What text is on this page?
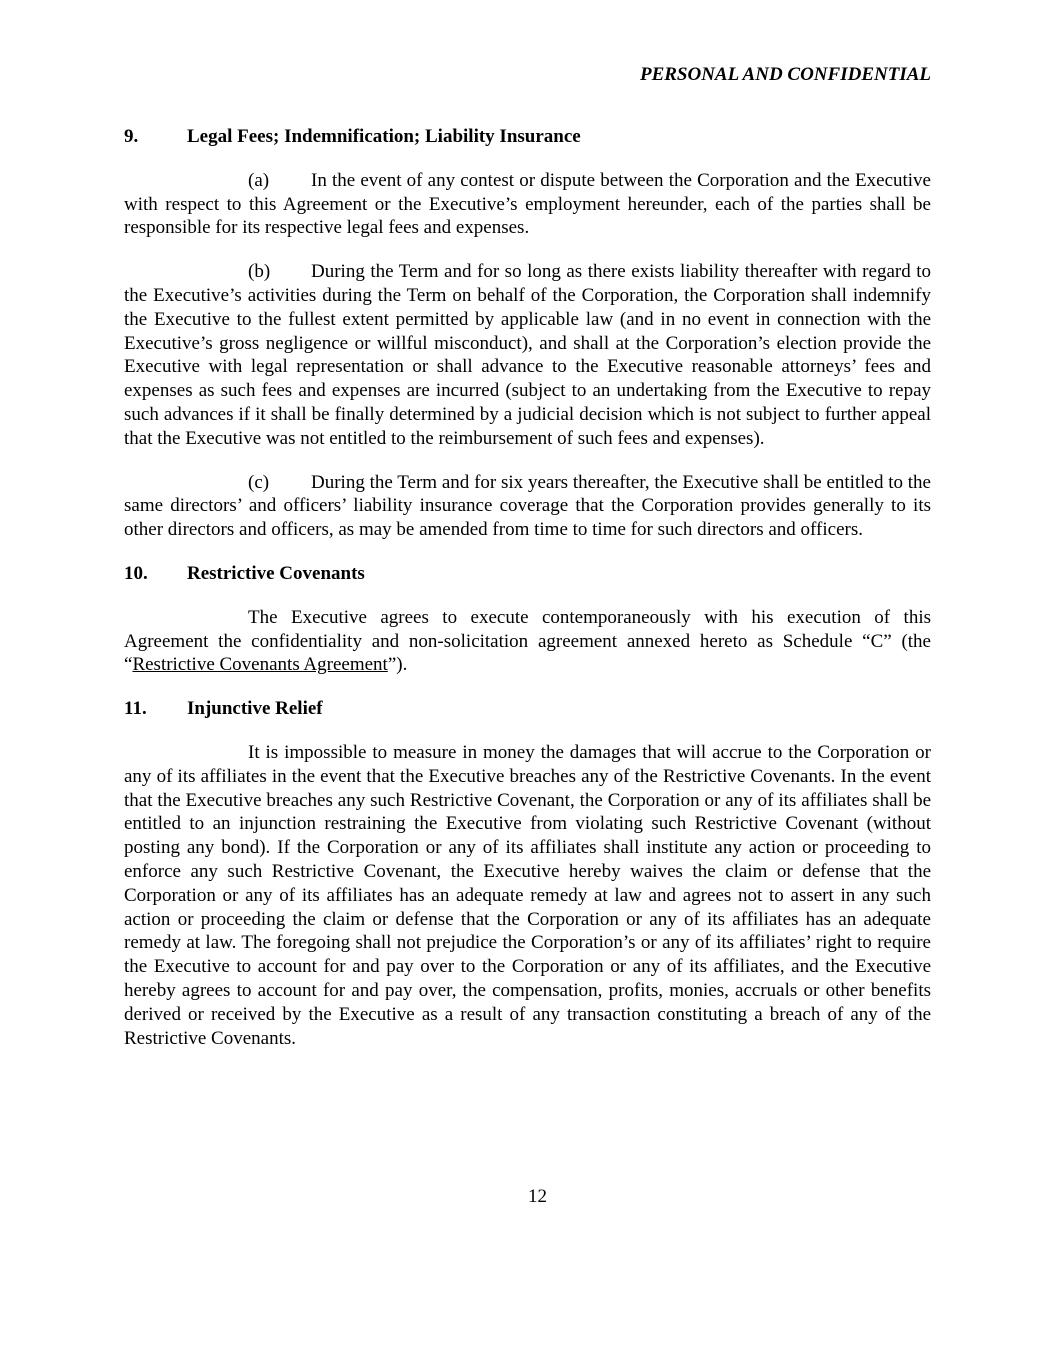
PERSONAL AND CONFIDENTIAL
9.	Legal Fees; Indemnification; Liability Insurance

(a) In the event of any contest or dispute between the Corporation and the Executive with respect to this Agreement or the Executive’s employment hereunder, each of the parties shall be responsible for its respective legal fees and expenses.

(b) During the Term and for so long as there exists liability thereafter with regard to the Executive’s activities during the Term on behalf of the Corporation, the Corporation shall indemnify the Executive to the fullest extent permitted by applicable law (and in no event in connection with the Executive’s gross negligence or willful misconduct), and shall at the Corporation’s election provide the Executive with legal representation or shall advance to the Executive reasonable attorneys’ fees and expenses as such fees and expenses are incurred (subject to an undertaking from the Executive to repay such advances if it shall be finally determined by a judicial decision which is not subject to further appeal that the Executive was not entitled to the reimbursement of such fees and expenses).

(c) During the Term and for six years thereafter, the Executive shall be entitled to the same directors’ and officers’ liability insurance coverage that the Corporation provides generally to its other directors and officers, as may be amended from time to time for such directors and officers.

10.	Restrictive Covenants

The Executive agrees to execute contemporaneously with his execution of this Agreement the confidentiality and non-solicitation agreement annexed hereto as Schedule “C” (the “Restrictive Covenants Agreement”).

11.	Injunctive Relief

It is impossible to measure in money the damages that will accrue to the Corporation or any of its affiliates in the event that the Executive breaches any of the Restrictive Covenants. In the event that the Executive breaches any such Restrictive Covenant, the Corporation or any of its affiliates shall be entitled to an injunction restraining the Executive from violating such Restrictive Covenant (without posting any bond). If the Corporation or any of its affiliates shall institute any action or proceeding to enforce any such Restrictive Covenant, the Executive hereby waives the claim or defense that the Corporation or any of its affiliates has an adequate remedy at law and agrees not to assert in any such action or proceeding the claim or defense that the Corporation or any of its affiliates has an adequate remedy at law. The foregoing shall not prejudice the Corporation’s or any of its affiliates’ right to require the Executive to account for and pay over to the Corporation or any of its affiliates, and the Executive hereby agrees to account for and pay over, the compensation, profits, monies, accruals or other benefits derived or received by the Executive as a result of any transaction constituting a breach of any of the Restrictive Covenants.

12
